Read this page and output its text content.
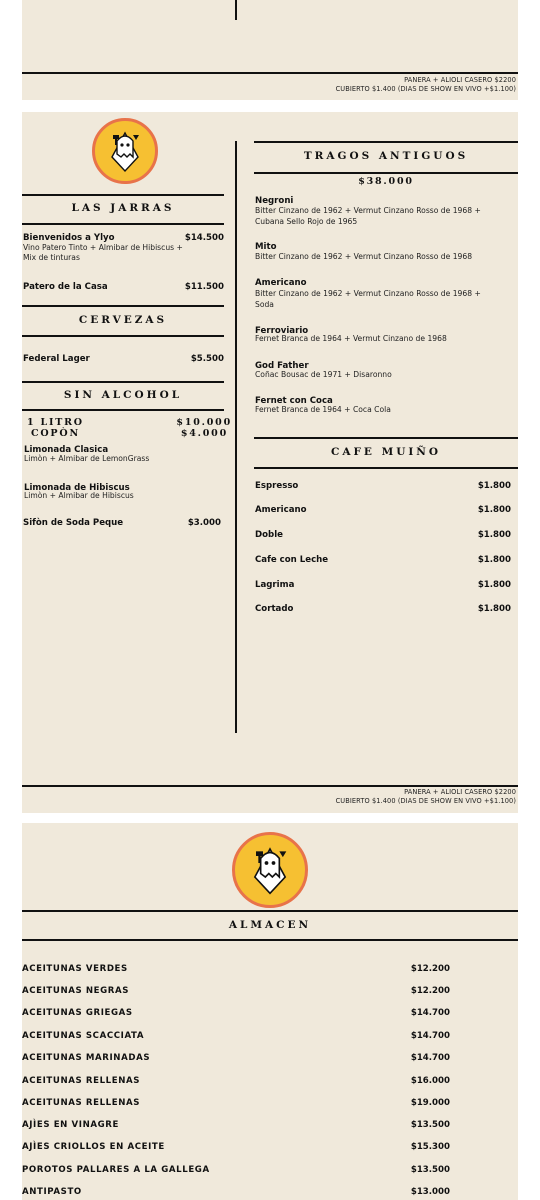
PANERA + ALIOLI CASERO $2200
CUBIERTO $1.400 (DIAS DE SHOW EN VIVO +$1.100)
LAS JARRAS
Bienvenidos a Ylyo	$14.500
Vino Patero Tinto + Almibar de Hibiscus +
Mix de tinturas
Patero de la Casa	$11.500
CERVEZAS
Federal Lager	$5.500
SIN ALCOHOL
1 LITRO	$10.000
COPÒN	$4.000
Limonada Clasica
Limòn + Almibar de LemonGrass
Limonada de Hibiscus
Limòn + Almibar de Hibiscus
Sifòn de Soda Peque	$3.000
TRAGOS ANTIGUOS
$38.000
Negroni
Bitter Cinzano de 1962 + Vermut Cinzano Rosso de 1968 +
Cubana Sello Rojo de 1965
Mito
Bitter Cinzano de 1962 + Vermut Cinzano Rosso de 1968
Americano
Bitter Cinzano de 1962 + Vermut Cinzano Rosso de 1968 +
Soda
Ferroviario
Fernet Branca de 1964 + Vermut Cinzano de 1968
God Father
Coñac Bousac de 1971 + Disaronno
Fernet con Coca
Fernet Branca de 1964 + Coca Cola
CAFE MUIÑO
Espresso	$1.800
Americano	$1.800
Doble	$1.800
Cafe con Leche	$1.800
Lagrima	$1.800
Cortado	$1.800
PANERA + ALIOLI CASERO $2200
CUBIERTO $1.400 (DIAS DE SHOW EN VIVO +$1.100)
ALMACEN
ACEITUNAS VERDES	$12.200
ACEITUNAS NEGRAS	$12.200
ACEITUNAS GRIEGAS	$14.700
ACEITUNAS SCACCIATA	$14.700
ACEITUNAS MARINADAS	$14.700
ACEITUNAS RELLENAS	$16.000
ACEITUNAS RELLENAS	$19.000
AJÌES EN VINAGRE	$13.500
AJÌES CRIOLLOS EN ACEITE	$15.300
POROTOS PALLARES A LA GALLEGA	$13.500
ANTIPASTO	$13.000
